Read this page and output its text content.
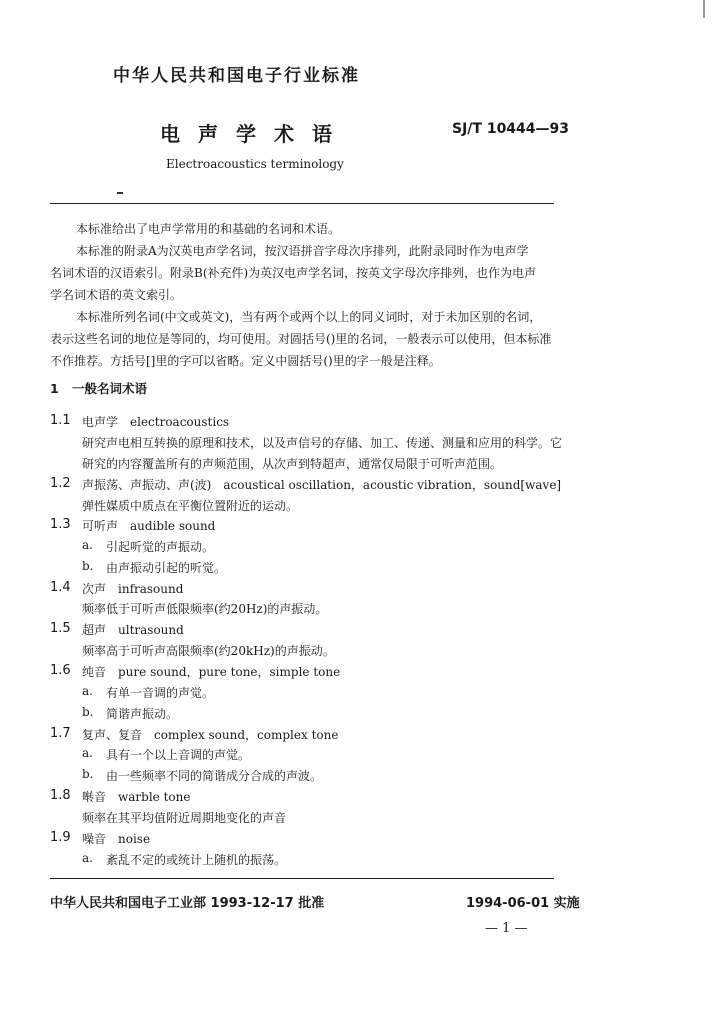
中华人民共和国电子行业标准
电声学术语	SJ/T 10444—93
Electroacoustics terminology
本标准给出了电声学常用的和基础的名词和术语。
本标准的附录A为汉英电声学名词，按汉语拼音字母次序排列，此附录同时作为电声学
名词术语的汉语索引。附录B(补充件)为英汉电声学名词，按英文字母次序排列，也作为电声
学名词术语的英文索引。
本标准所列名词(中文或英文)，当有两个或两个以上的同义词时，对于未加区别的名词，
表示这些名词的地位是等同的，均可使用。对圆括号()里的名词，一般表示可以使用，但本标准
不作推荐。方括号[]里的字可以省略。定义中圆括号()里的字一般是注释。
1 一般名词术语
1.1 电声学　electroacoustics
研究声电相互转换的原理和技术，以及声信号的存储、加工、传递、测量和应用的科学。它
研究的内容覆盖所有的声频范围，从次声到特超声，通常仅局限于可听声范围。
1.2 声振荡、声振动、声(波)　acoustical oscillation，acoustic vibration，sound[wave]
弹性媒质中质点在平衡位置附近的运动。
1.3 可听声　audible sound
a. 引起听觉的声振动。
b. 由声振动引起的听觉。
1.4 次声　infrasound
频率低于可听声低限频率(约20Hz)的声振动。
1.5 超声　ultrasound
频率高于可听声高限频率(约20kHz)的声振动。
1.6 纯音　pure sound，pure tone，simple tone
a. 有单一音调的声觉。
b. 简谐声振动。
1.7 复声、复音　complex sound，complex tone
a. 具有一个以上音调的声觉。
b. 由一些频率不同的简谐成分合成的声波。
1.8 啭音　warble tone
频率在其平均值附近周期地变化的声音
1.9 噪音　noise
a. 紊乱不定的或统计上随机的振荡。
中华人民共和国电子工业部 1993-12-17 批准	1994-06-01 实施
— 1 —
